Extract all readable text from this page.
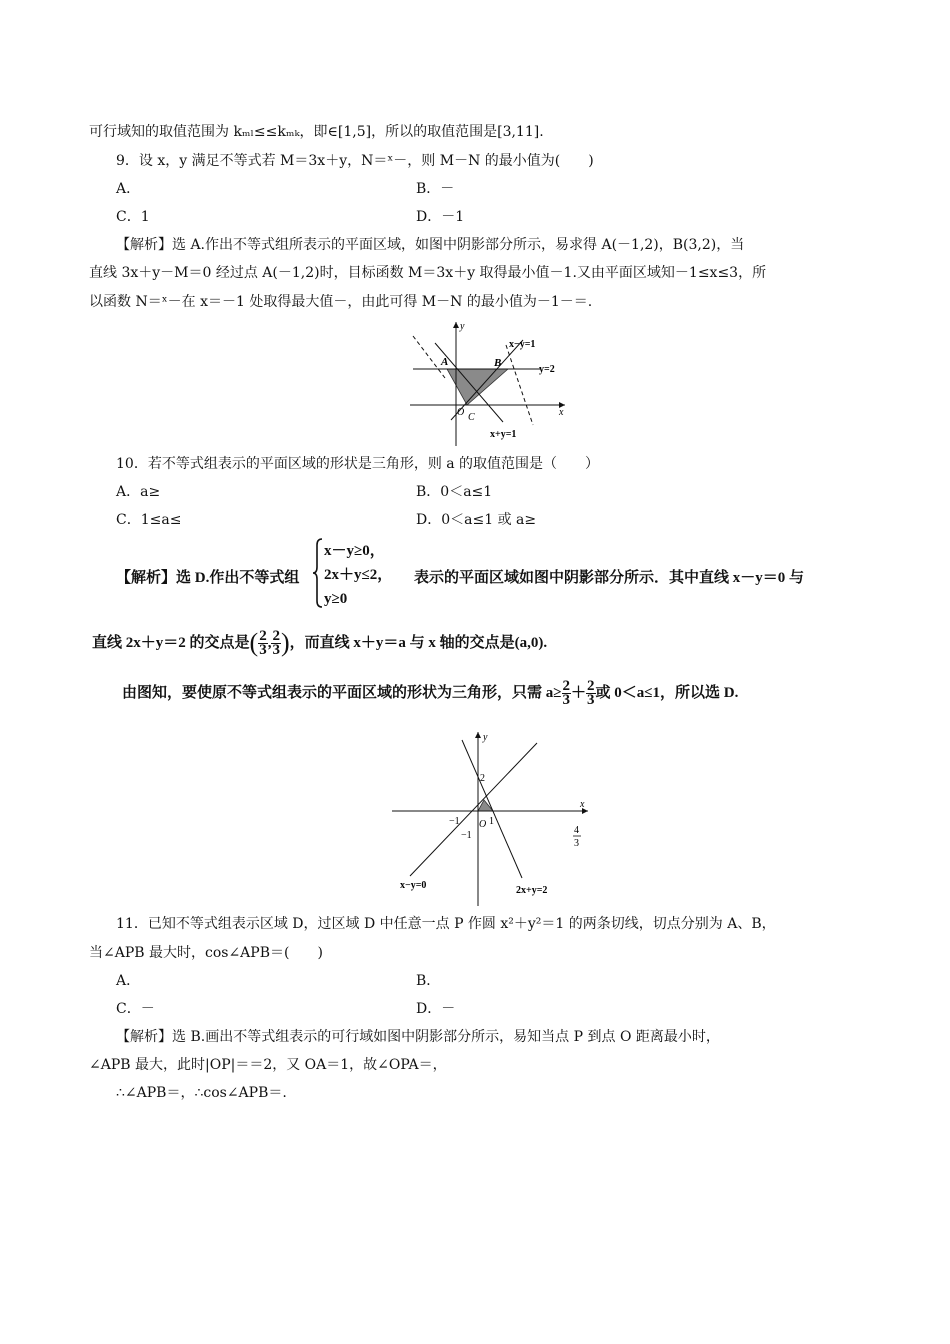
可行域知的取值范围为 kₘₗ≤≤kₘₖ，即∈[1,5]，所以的取值范围是[3,11].
9．设 x，y 满足不等式若 M＝3x＋y，N＝ˣ－，则 M－N 的最小值为(　　)
A．	B．－
C．1	D．－1
【解析】选 A.作出不等式组所表示的平面区域，如图中阴影部分所示，易求得 A(－1,2)，B(3,2)，当
直线 3x＋y－M＝0 经过点 A(－1,2)时，目标函数 M＝3x＋y 取得最小值－1.又由平面区域知－1≤x≤3，所
以函数 N＝ˣ－在 x＝－1 处取得最大值－，由此可得 M－N 的最小值为－1－＝.
y
x
A	B
O C
x−y=1
y=2
x+y=1
10．若不等式组表示的平面区域的形状是三角形，则 a 的取值范围是（　　）
A．a≥	B．0＜a≤1
C．1≤a≤	D．0＜a≤1 或 a≥
【解析】选 D.作出不等式组
x－y≥0，
2x＋y≤2，
y≥0
表示的平面区域如图中阴影部分所示．其中直线 x－y＝0 与
直线 2x＋y＝2 的交点是 ( $\frac{2}{3}$ , $\frac{2}{3}$ ) ，而直线 x＋y＝a 与 x 轴的交点是(a,0).
由图知，要使原不等式组表示的平面区域的形状为三角形，只需 $a\ge \frac{2}{3} + \frac{2}{3}$ 或 0＜a≤1，所以选 D.
y
x
2
−1 O 1
−1	4
3
x−y=0	2x+y=2
11．已知不等式组表示区域 D，过区域 D 中任意一点 P 作圆 x²＋y²＝1 的两条切线，切点分别为 A、B，
当∠APB 最大时，cos∠APB＝(　　)
A．	B．
C．－	D．－
【解析】选 B.画出不等式组表示的可行域如图中阴影部分所示，易知当点 P 到点 O 距离最小时，
∠APB 最大，此时|OP|＝＝2，又 OA＝1，故∠OPA＝，
∴∠APB＝，∴cos∠APB＝.
